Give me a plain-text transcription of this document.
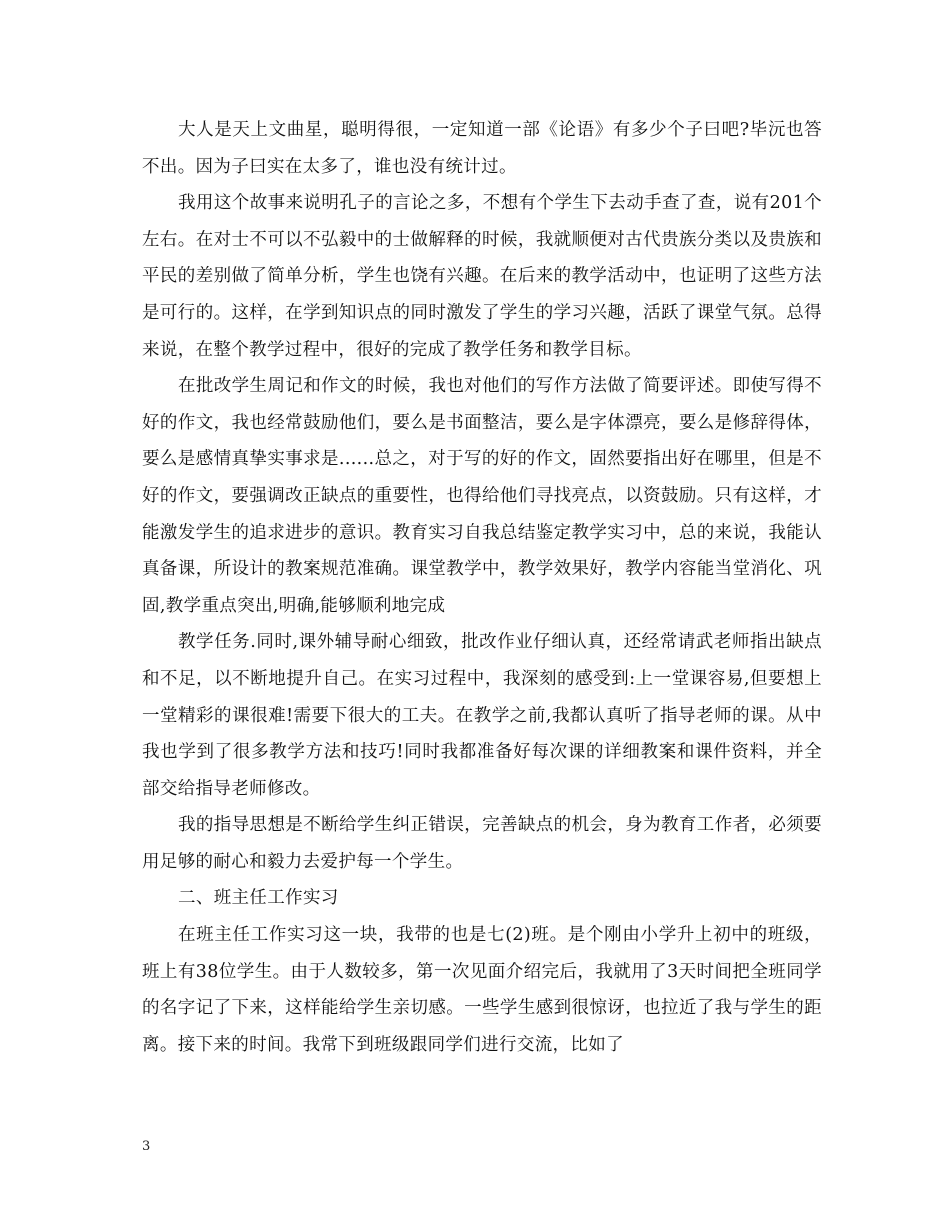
大人是天上文曲星，聪明得很，一定知道一部《论语》有多少个子曰吧?毕沅也答不出。因为子曰实在太多了，谁也没有统计过。

我用这个故事来说明孔子的言论之多，不想有个学生下去动手查了查，说有201个左右。在对士不可以不弘毅中的士做解释的时候，我就顺便对古代贵族分类以及贵族和平民的差别做了简单分析，学生也饶有兴趣。在后来的教学活动中，也证明了这些方法是可行的。这样，在学到知识点的同时激发了学生的学习兴趣，活跃了课堂气氛。总得来说，在整个教学过程中，很好的完成了教学任务和教学目标。

在批改学生周记和作文的时候，我也对他们的写作方法做了简要评述。即使写得不好的作文，我也经常鼓励他们，要么是书面整洁，要么是字体漂亮，要么是修辞得体，要么是感情真挚实事求是......总之，对于写的好的作文，固然要指出好在哪里，但是不好的作文，要强调改正缺点的重要性，也得给他们寻找亮点，以资鼓励。只有这样，才能激发学生的追求进步的意识。教育实习自我总结鉴定教学实习中，总的来说，我能认真备课，所设计的教案规范准确。课堂教学中，教学效果好，教学内容能当堂消化、巩固,教学重点突出,明确,能够顺利地完成

教学任务.同时,课外辅导耐心细致，批改作业仔细认真，还经常请武老师指出缺点和不足，以不断地提升自己。在实习过程中，我深刻的感受到:上一堂课容易,但要想上一堂精彩的课很难!需要下很大的工夫。在教学之前,我都认真听了指导老师的课。从中我也学到了很多教学方法和技巧!同时我都准备好每次课的详细教案和课件资料，并全部交给指导老师修改。

我的指导思想是不断给学生纠正错误，完善缺点的机会，身为教育工作者，必须要用足够的耐心和毅力去爱护每一个学生。

二、班主任工作实习

在班主任工作实习这一块，我带的也是七(2)班。是个刚由小学升上初中的班级，班上有38位学生。由于人数较多，第一次见面介绍完后，我就用了3天时间把全班同学的名字记了下来，这样能给学生亲切感。一些学生感到很惊讶，也拉近了我与学生的距离。接下来的时间。我常下到班级跟同学们进行交流，比如了

3
